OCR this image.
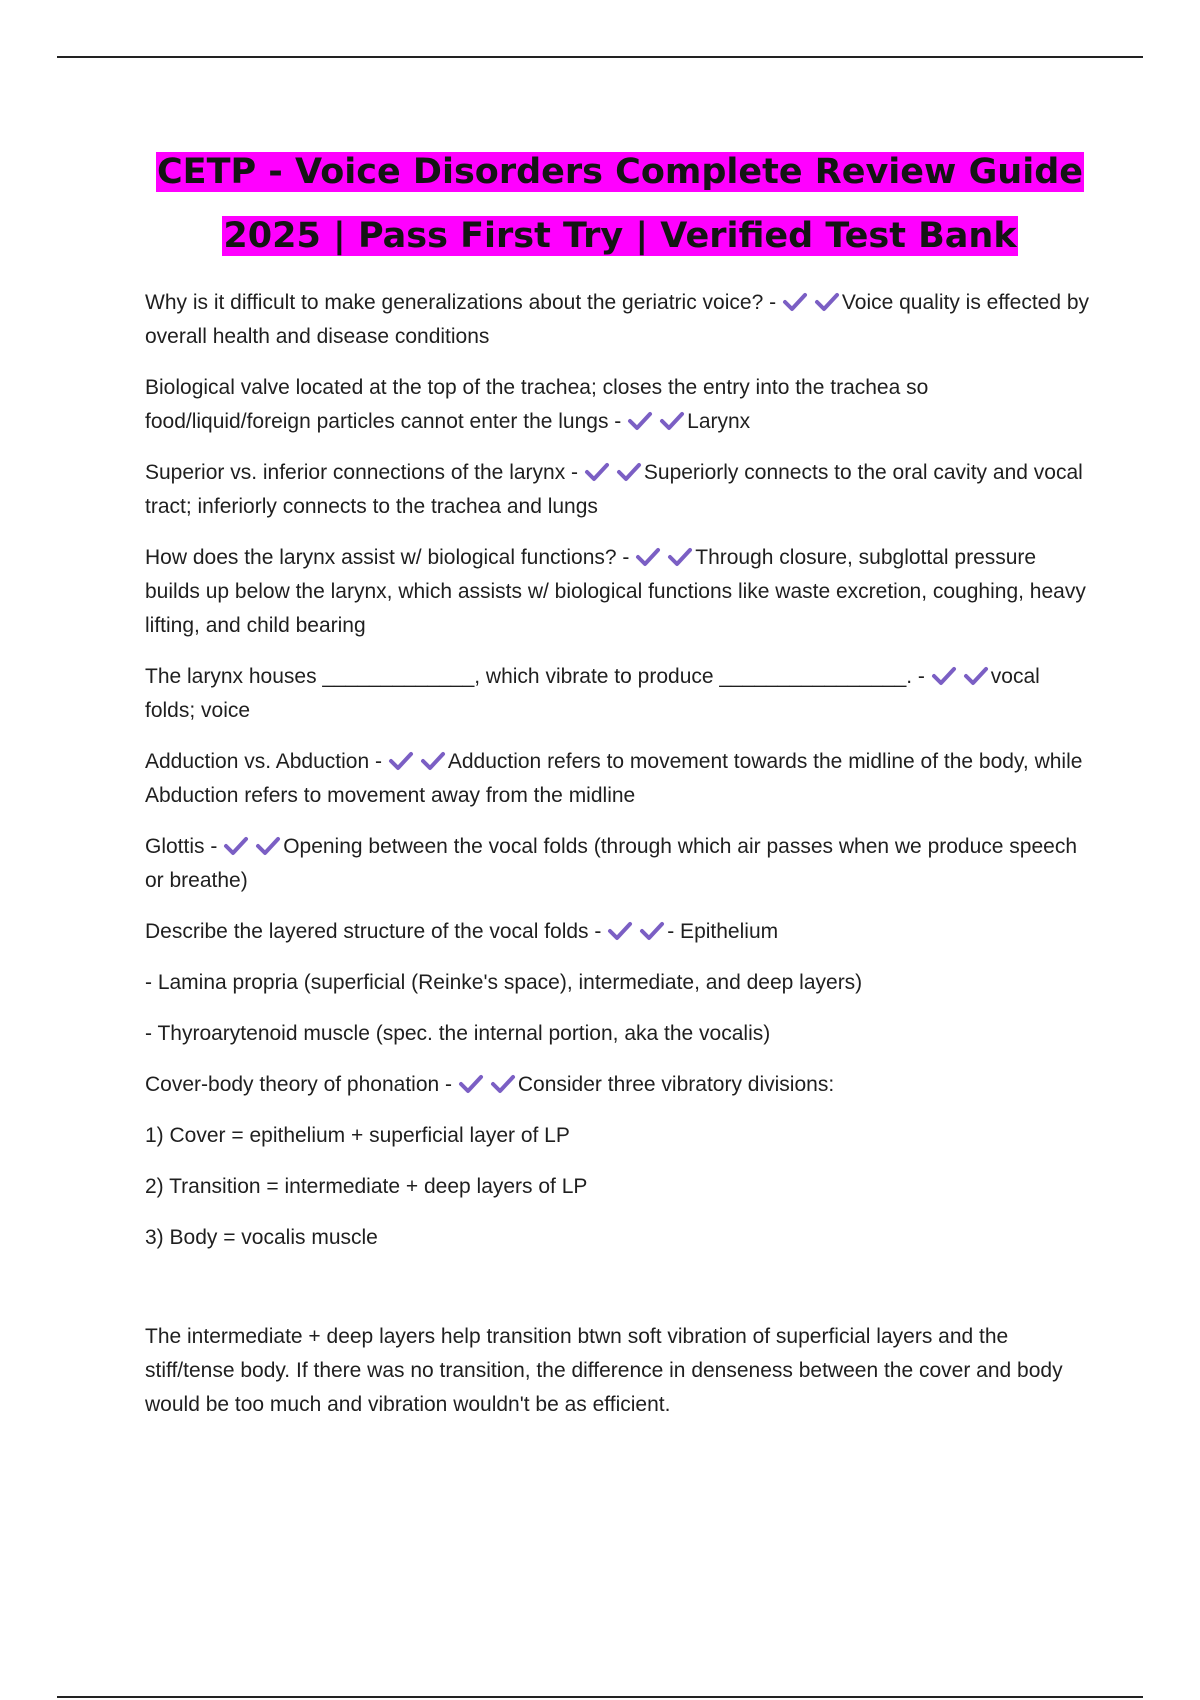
CETP - Voice Disorders Complete Review Guide
2025 | Pass First Try | Verified Test Bank
Why is it difficult to make generalizations about the geriatric voice? -	Voice quality is effected by overall health and disease conditions
Biological valve located at the top of the trachea; closes the entry into the trachea so food/liquid/foreign particles cannot enter the lungs -	Larynx
Superior vs. inferior connections of the larynx -	Superiorly connects to the oral cavity and vocal tract; inferiorly connects to the trachea and lungs
How does the larynx assist w/ biological functions? -	Through closure, subglottal pressure builds up below the larynx, which assists w/ biological functions like waste excretion, coughing, heavy lifting, and child bearing
The larynx houses _____________, which vibrate to produce ________________. -	vocal folds; voice
Adduction vs. Abduction -	Adduction refers to movement towards the midline of the body, while Abduction refers to movement away from the midline
Glottis -	Opening between the vocal folds (through which air passes when we produce speech or breathe)
Describe the layered structure of the vocal folds -	- Epithelium
- Lamina propria (superficial (Reinke's space), intermediate, and deep layers)
- Thyroarytenoid muscle (spec. the internal portion, aka the vocalis)
Cover-body theory of phonation -	Consider three vibratory divisions:
1) Cover = epithelium + superficial layer of LP
2) Transition = intermediate + deep layers of LP
3) Body = vocalis muscle
The intermediate + deep layers help transition btwn soft vibration of superficial layers and the stiff/tense body. If there was no transition, the difference in denseness between the cover and body would be too much and vibration wouldn't be as efficient.
